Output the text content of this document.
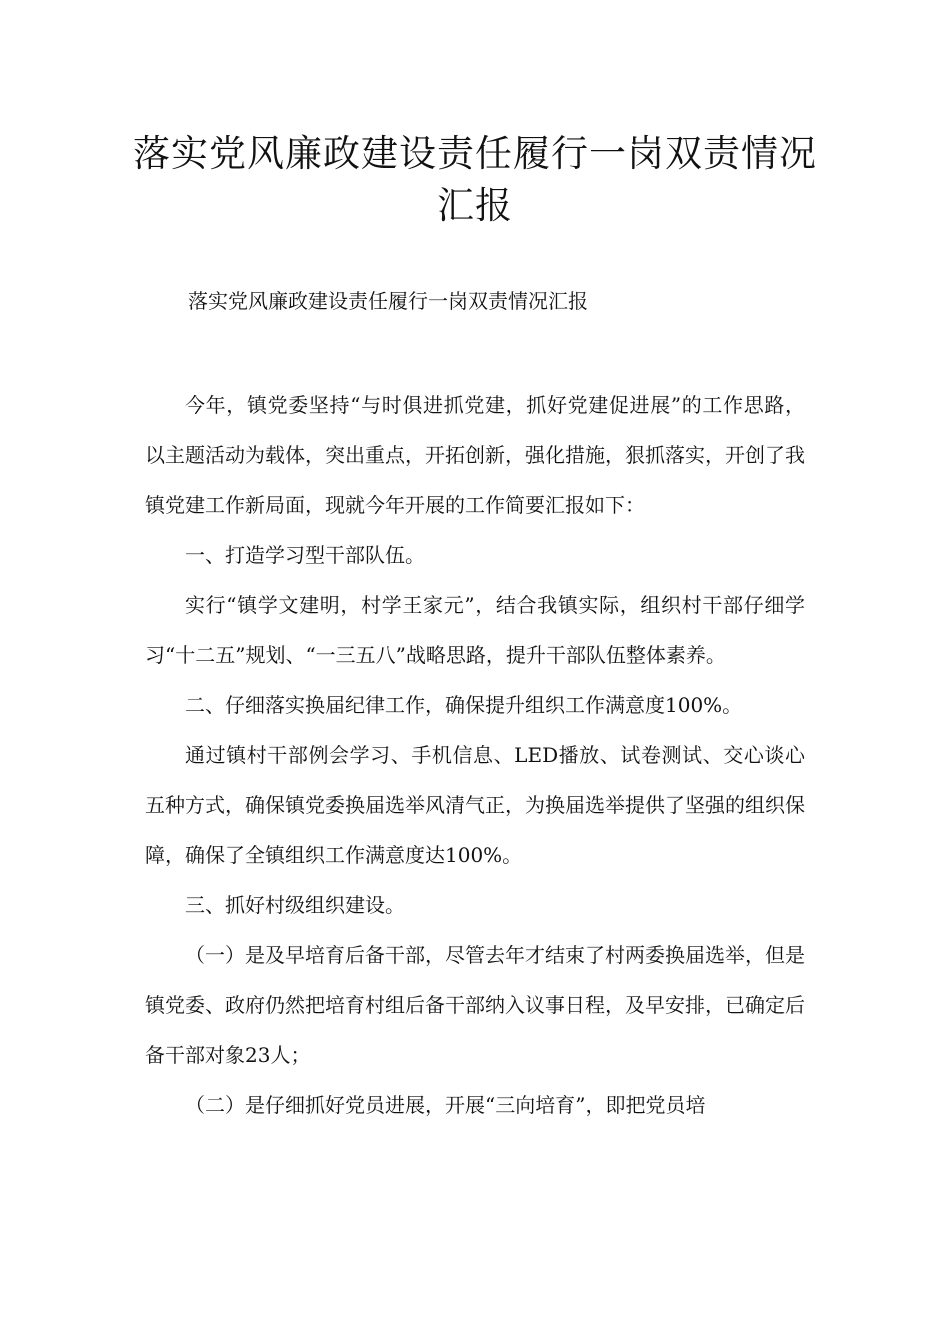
落实党风廉政建设责任履行一岗双责情况汇报

落实党风廉政建设责任履行一岗双责情况汇报

今年，镇党委坚持“与时俱进抓党建，抓好党建促进展”的工作思路，以主题活动为载体，突出重点，开拓创新，强化措施，狠抓落实，开创了我镇党建工作新局面，现就今年开展的工作简要汇报如下：

一、打造学习型干部队伍。

实行“镇学文建明，村学王家元”，结合我镇实际，组织村干部仔细学习“十二五”规划、“一三五八”战略思路，提升干部队伍整体素养。

二、仔细落实换届纪律工作，确保提升组织工作满意度100%。

通过镇村干部例会学习、手机信息、LED播放、试卷测试、交心谈心五种方式，确保镇党委换届选举风清气正，为换届选举提供了坚强的组织保障，确保了全镇组织工作满意度达100%。

三、抓好村级组织建设。

（一）是及早培育后备干部，尽管去年才结束了村两委换届选举，但是镇党委、政府仍然把培育村组后备干部纳入议事日程，及早安排，已确定后备干部对象23人；

（二）是仔细抓好党员进展，开展“三向培育”，即把党员培
